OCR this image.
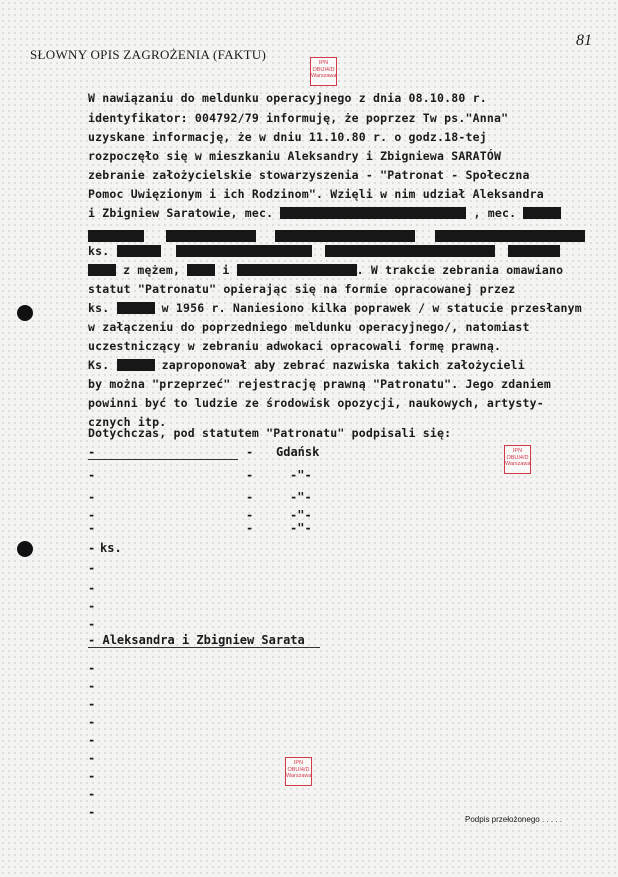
SŁOWNY OPIS ZAGROŻENIA (FAKTU)
81
IPN
OBUI4/D
Warszawa
IPN
OBUI4/D
Warszawa
IPN
OBUI4/D
Warszawa
W nawiązaniu do meldunku operacyjnego z dnia 08.10.80 r.
identyfikator: 004792/79 informuję, że poprzez Tw ps."Anna"
uzyskane informację, że w dniu 11.10.80 r. o godz.18-tej
rozpoczęło się w mieszkaniu Aleksandry i Zbigniewa SARATÓW
zebranie założycielskie stowarzyszenia - "Patronat - Społeczna
Pomoc Uwięzionym i ich Rodzinom". Wzięli w nim udział Aleksandra
i Zbigniew Saratowie, mec.	, mec.

ks.
z mężem,	i	. W trakcie zebrania omawiano
statut "Patronatu" opierając się na formie opracowanej przez
ks.	w 1956 r. Naniesiono kilka poprawek / w statucie przesłanym
w załączeniu do poprzedniego meldunku operacyjnego/, natomiast
uczestniczący w zebraniu adwokaci opracowali formę prawną.
Ks.	zaproponował aby zebrać nazwiska takich założycieli
by można "przeprzeć" rejestrację prawną "Patronatu". Jego zdaniem
powinni być to ludzie ze środowisk opozycji, naukowych, artysty-
cznych itp.
Dotychczas, pod statutem "Patronatu" podpisali się:
-	- Gdańsk
-	-	-"-
-	-	-"-
-	-	-"-
-	-	-"-
- ks.
-
-
-
-
- Aleksandra i Zbigniew Sarata
-
-
-
-
-
-
-
-
-
Podpis przełożonego . . . . .
